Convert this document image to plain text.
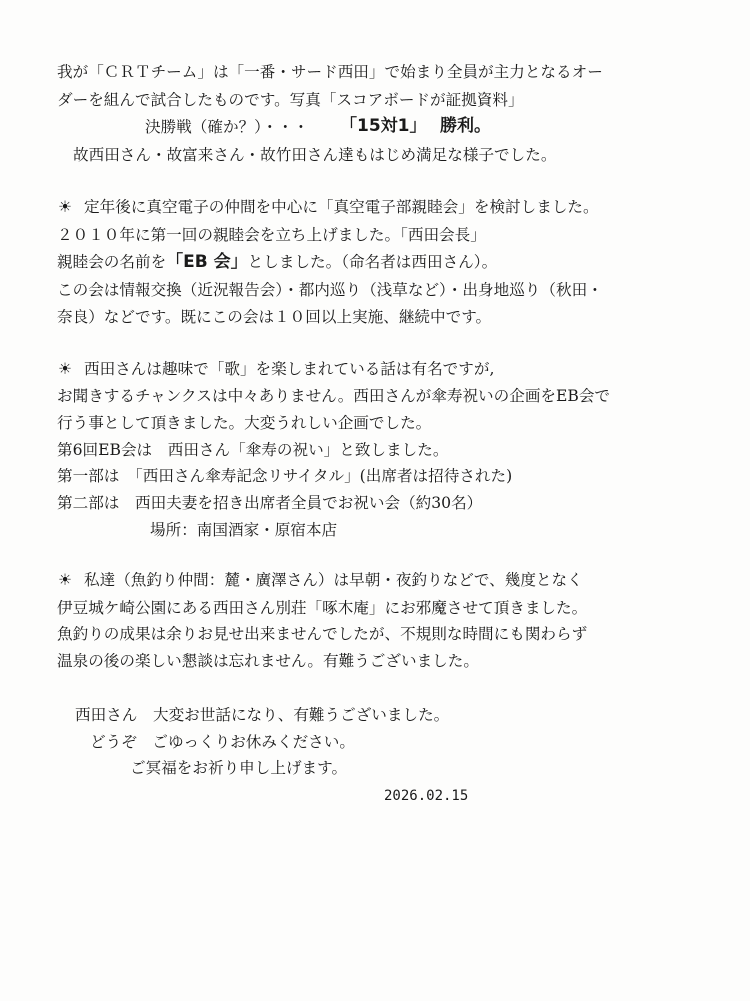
我が「ＣＲＴチーム」は「一番・サード西田」で始まり全員が主力となるオー
ダーを組んで試合したものです。写真「スコアボードが証拠資料」
決勝戦（確か？）・・・ 「15対1」 勝利。
故西田さん・故富来さん・故竹田さん達もはじめ満足な様子でした。
☀ 定年後に真空電子の仲間を中心に「真空電子部親睦会」を検討しました。
２０１０年に第一回の親睦会を立ち上げました。「西田会長」
親睦会の名前を「EB 会」としました。（命名者は西田さん）。
この会は情報交換（近況報告会）・都内巡り（浅草など）・出身地巡り（秋田・
奈良）などです。既にこの会は１０回以上実施、継続中です。
☀ 西田さんは趣味で「歌」を楽しまれている話は有名ですが,
お聞きするチャンクスは中々ありません。西田さんが傘寿祝いの企画をEB会で
行う事として頂きました。大変うれしい企画でした。
第6回EB会は　西田さん「傘寿の祝い」と致しました。
第一部は　「西田さん傘寿記念リサイタル」(出席者は招待された)
第二部は　西田夫妻を招き出席者全員でお祝い会（約30名）
場所：南国酒家・原宿本店
☀ 私達（魚釣り仲間：麓・廣澤さん）は早朝・夜釣りなどで、幾度となく
伊豆城ケ崎公園にある西田さん別荘「啄木庵」にお邪魔させて頂きました。
魚釣りの成果は余りお見せ出来ませんでしたが、不規則な時間にも関わらず
温泉の後の楽しい懇談は忘れません。有難うございました。
西田さん　大変お世話になり、有難うございました。
どうぞ　ごゆっくりお休みください。
ご冥福をお祈り申し上げます。
2026.02.15
